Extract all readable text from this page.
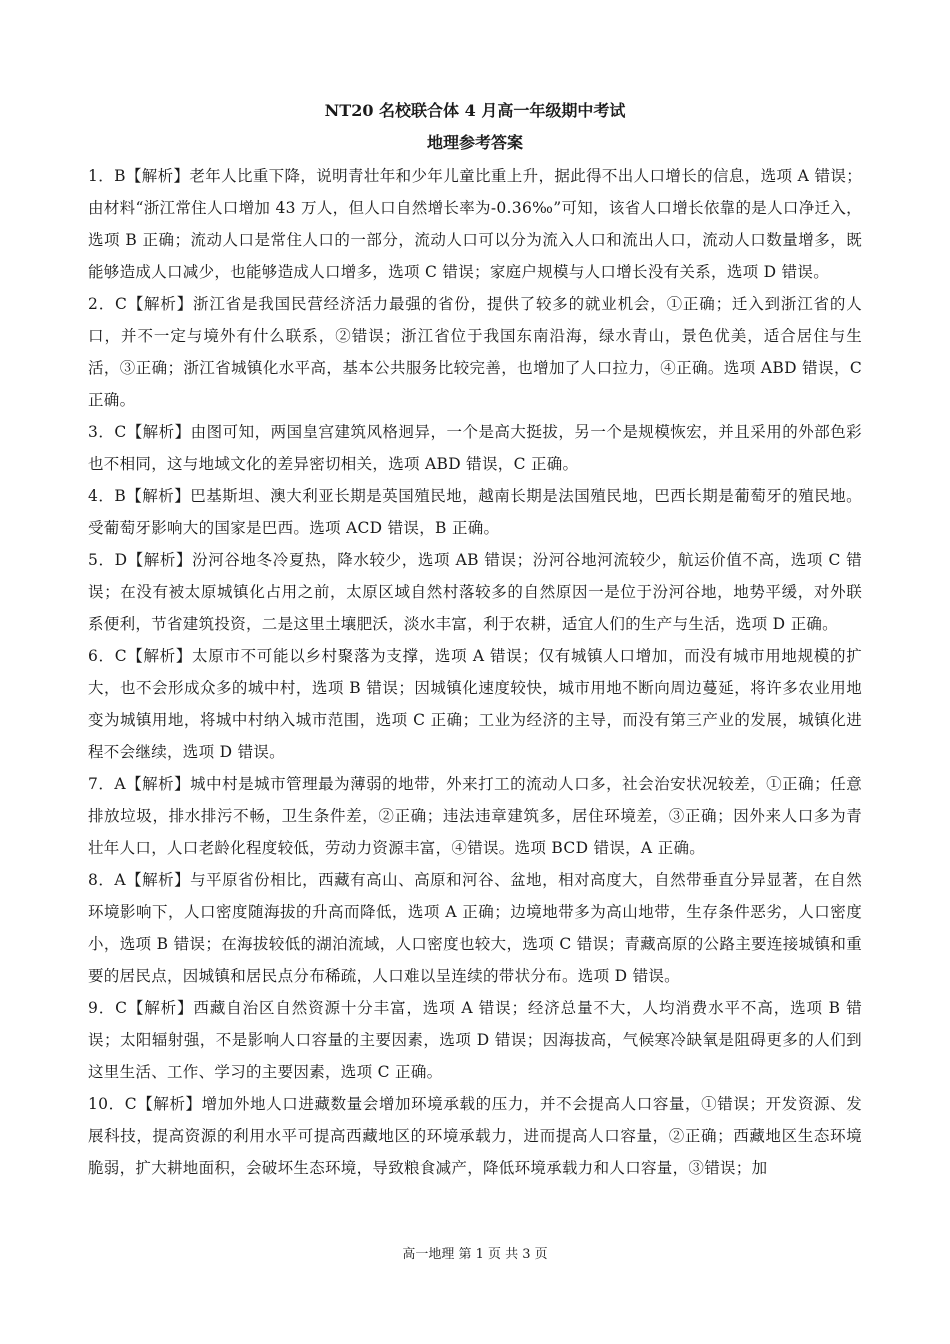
NT20 名校联合体 4 月高一年级期中考试
地理参考答案

1．B【解析】老年人比重下降，说明青壮年和少年儿童比重上升，据此得不出人口增长的信息，选项 A 错误；由材料“浙江常住人口增加 43 万人，但人口自然增长率为-0.36‰”可知，该省人口增长依靠的是人口净迁入，选项 B 正确；流动人口是常住人口的一部分，流动人口可以分为流入人口和流出人口，流动人口数量增多，既能够造成人口减少，也能够造成人口增多，选项 C 错误；家庭户规模与人口增长没有关系，选项 D 错误。

2．C【解析】浙江省是我国民营经济活力最强的省份，提供了较多的就业机会，①正确；迁入到浙江省的人口，并不一定与境外有什么联系，②错误；浙江省位于我国东南沿海，绿水青山，景色优美，适合居住与生活，③正确；浙江省城镇化水平高，基本公共服务比较完善，也增加了人口拉力，④正确。选项 ABD 错误，C 正确。

3．C【解析】由图可知，两国皇宫建筑风格迥异，一个是高大挺拔，另一个是规模恢宏，并且采用的外部色彩也不相同，这与地域文化的差异密切相关，选项 ABD 错误，C 正确。

4．B【解析】巴基斯坦、澳大利亚长期是英国殖民地，越南长期是法国殖民地，巴西长期是葡萄牙的殖民地。受葡萄牙影响大的国家是巴西。选项 ACD 错误，B 正确。

5．D【解析】汾河谷地冬冷夏热，降水较少，选项 AB 错误；汾河谷地河流较少，航运价值不高，选项 C 错误；在没有被太原城镇化占用之前，太原区域自然村落较多的自然原因一是位于汾河谷地，地势平缓，对外联系便利，节省建筑投资，二是这里土壤肥沃，淡水丰富，利于农耕，适宜人们的生产与生活，选项 D 正确。

6．C【解析】太原市不可能以乡村聚落为支撑，选项 A 错误；仅有城镇人口增加，而没有城市用地规模的扩大，也不会形成众多的城中村，选项 B 错误；因城镇化速度较快，城市用地不断向周边蔓延，将许多农业用地变为城镇用地，将城中村纳入城市范围，选项 C 正确；工业为经济的主导，而没有第三产业的发展，城镇化进程不会继续，选项 D 错误。

7．A【解析】城中村是城市管理最为薄弱的地带，外来打工的流动人口多，社会治安状况较差，①正确；任意排放垃圾，排水排污不畅，卫生条件差，②正确；违法违章建筑多，居住环境差，③正确；因外来人口多为青壮年人口，人口老龄化程度较低，劳动力资源丰富，④错误。选项 BCD 错误，A 正确。

8．A【解析】与平原省份相比，西藏有高山、高原和河谷、盆地，相对高度大，自然带垂直分异显著，在自然环境影响下，人口密度随海拔的升高而降低，选项 A 正确；边境地带多为高山地带，生存条件恶劣，人口密度小，选项 B 错误；在海拔较低的湖泊流域，人口密度也较大，选项 C 错误；青藏高原的公路主要连接城镇和重要的居民点，因城镇和居民点分布稀疏，人口难以呈连续的带状分布。选项 D 错误。

9．C【解析】西藏自治区自然资源十分丰富，选项 A 错误；经济总量不大，人均消费水平不高，选项 B 错误；太阳辐射强，不是影响人口容量的主要因素，选项 D 错误；因海拔高，气候寒冷缺氧是阻碍更多的人们到这里生活、工作、学习的主要因素，选项 C 正确。

10．C【解析】增加外地人口进藏数量会增加环境承载的压力，并不会提高人口容量，①错误；开发资源、发展科技，提高资源的利用水平可提高西藏地区的环境承载力，进而提高人口容量，②正确；西藏地区生态环境脆弱，扩大耕地面积，会破坏生态环境，导致粮食减产，降低环境承载力和人口容量，③错误；加

高一地理 第 1 页 共 3 页
